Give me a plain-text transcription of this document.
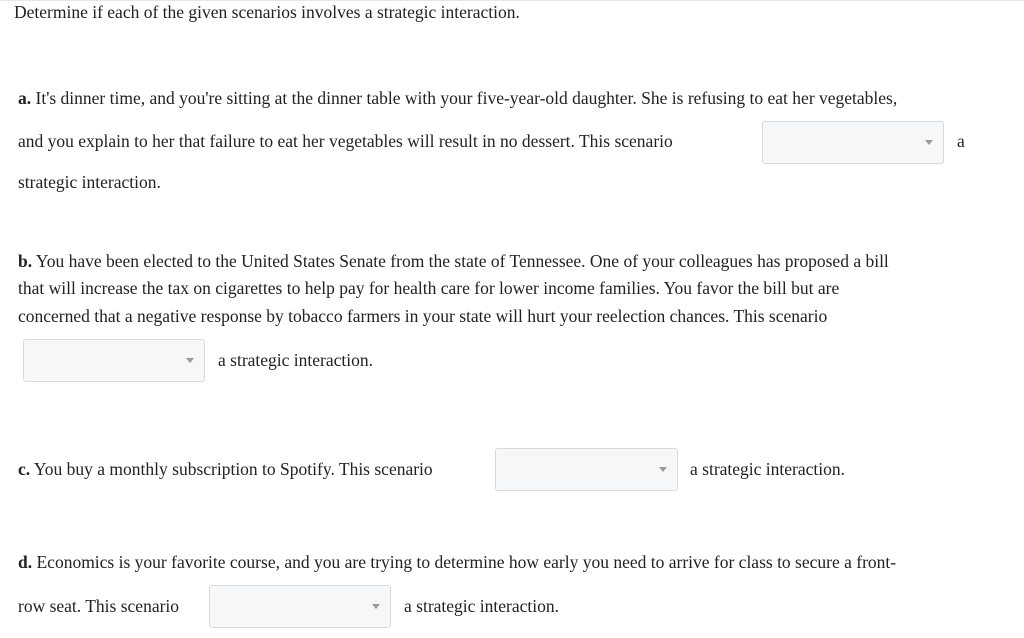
Determine if each of the given scenarios involves a strategic interaction.
a. It's dinner time, and you're sitting at the dinner table with your five-year-old daughter. She is refusing to eat her vegetables,
and you explain to her that failure to eat her vegetables will result in no dessert. This scenario	a
strategic interaction.
b. You have been elected to the United States Senate from the state of Tennessee. One of your colleagues has proposed a bill
that will increase the tax on cigarettes to help pay for health care for lower income families. You favor the bill but are
concerned that a negative response by tobacco farmers in your state will hurt your reelection chances. This scenario
a strategic interaction.
c. You buy a monthly subscription to Spotify. This scenario	a strategic interaction.
d. Economics is your favorite course, and you are trying to determine how early you need to arrive for class to secure a front-
row seat. This scenario	a strategic interaction.
